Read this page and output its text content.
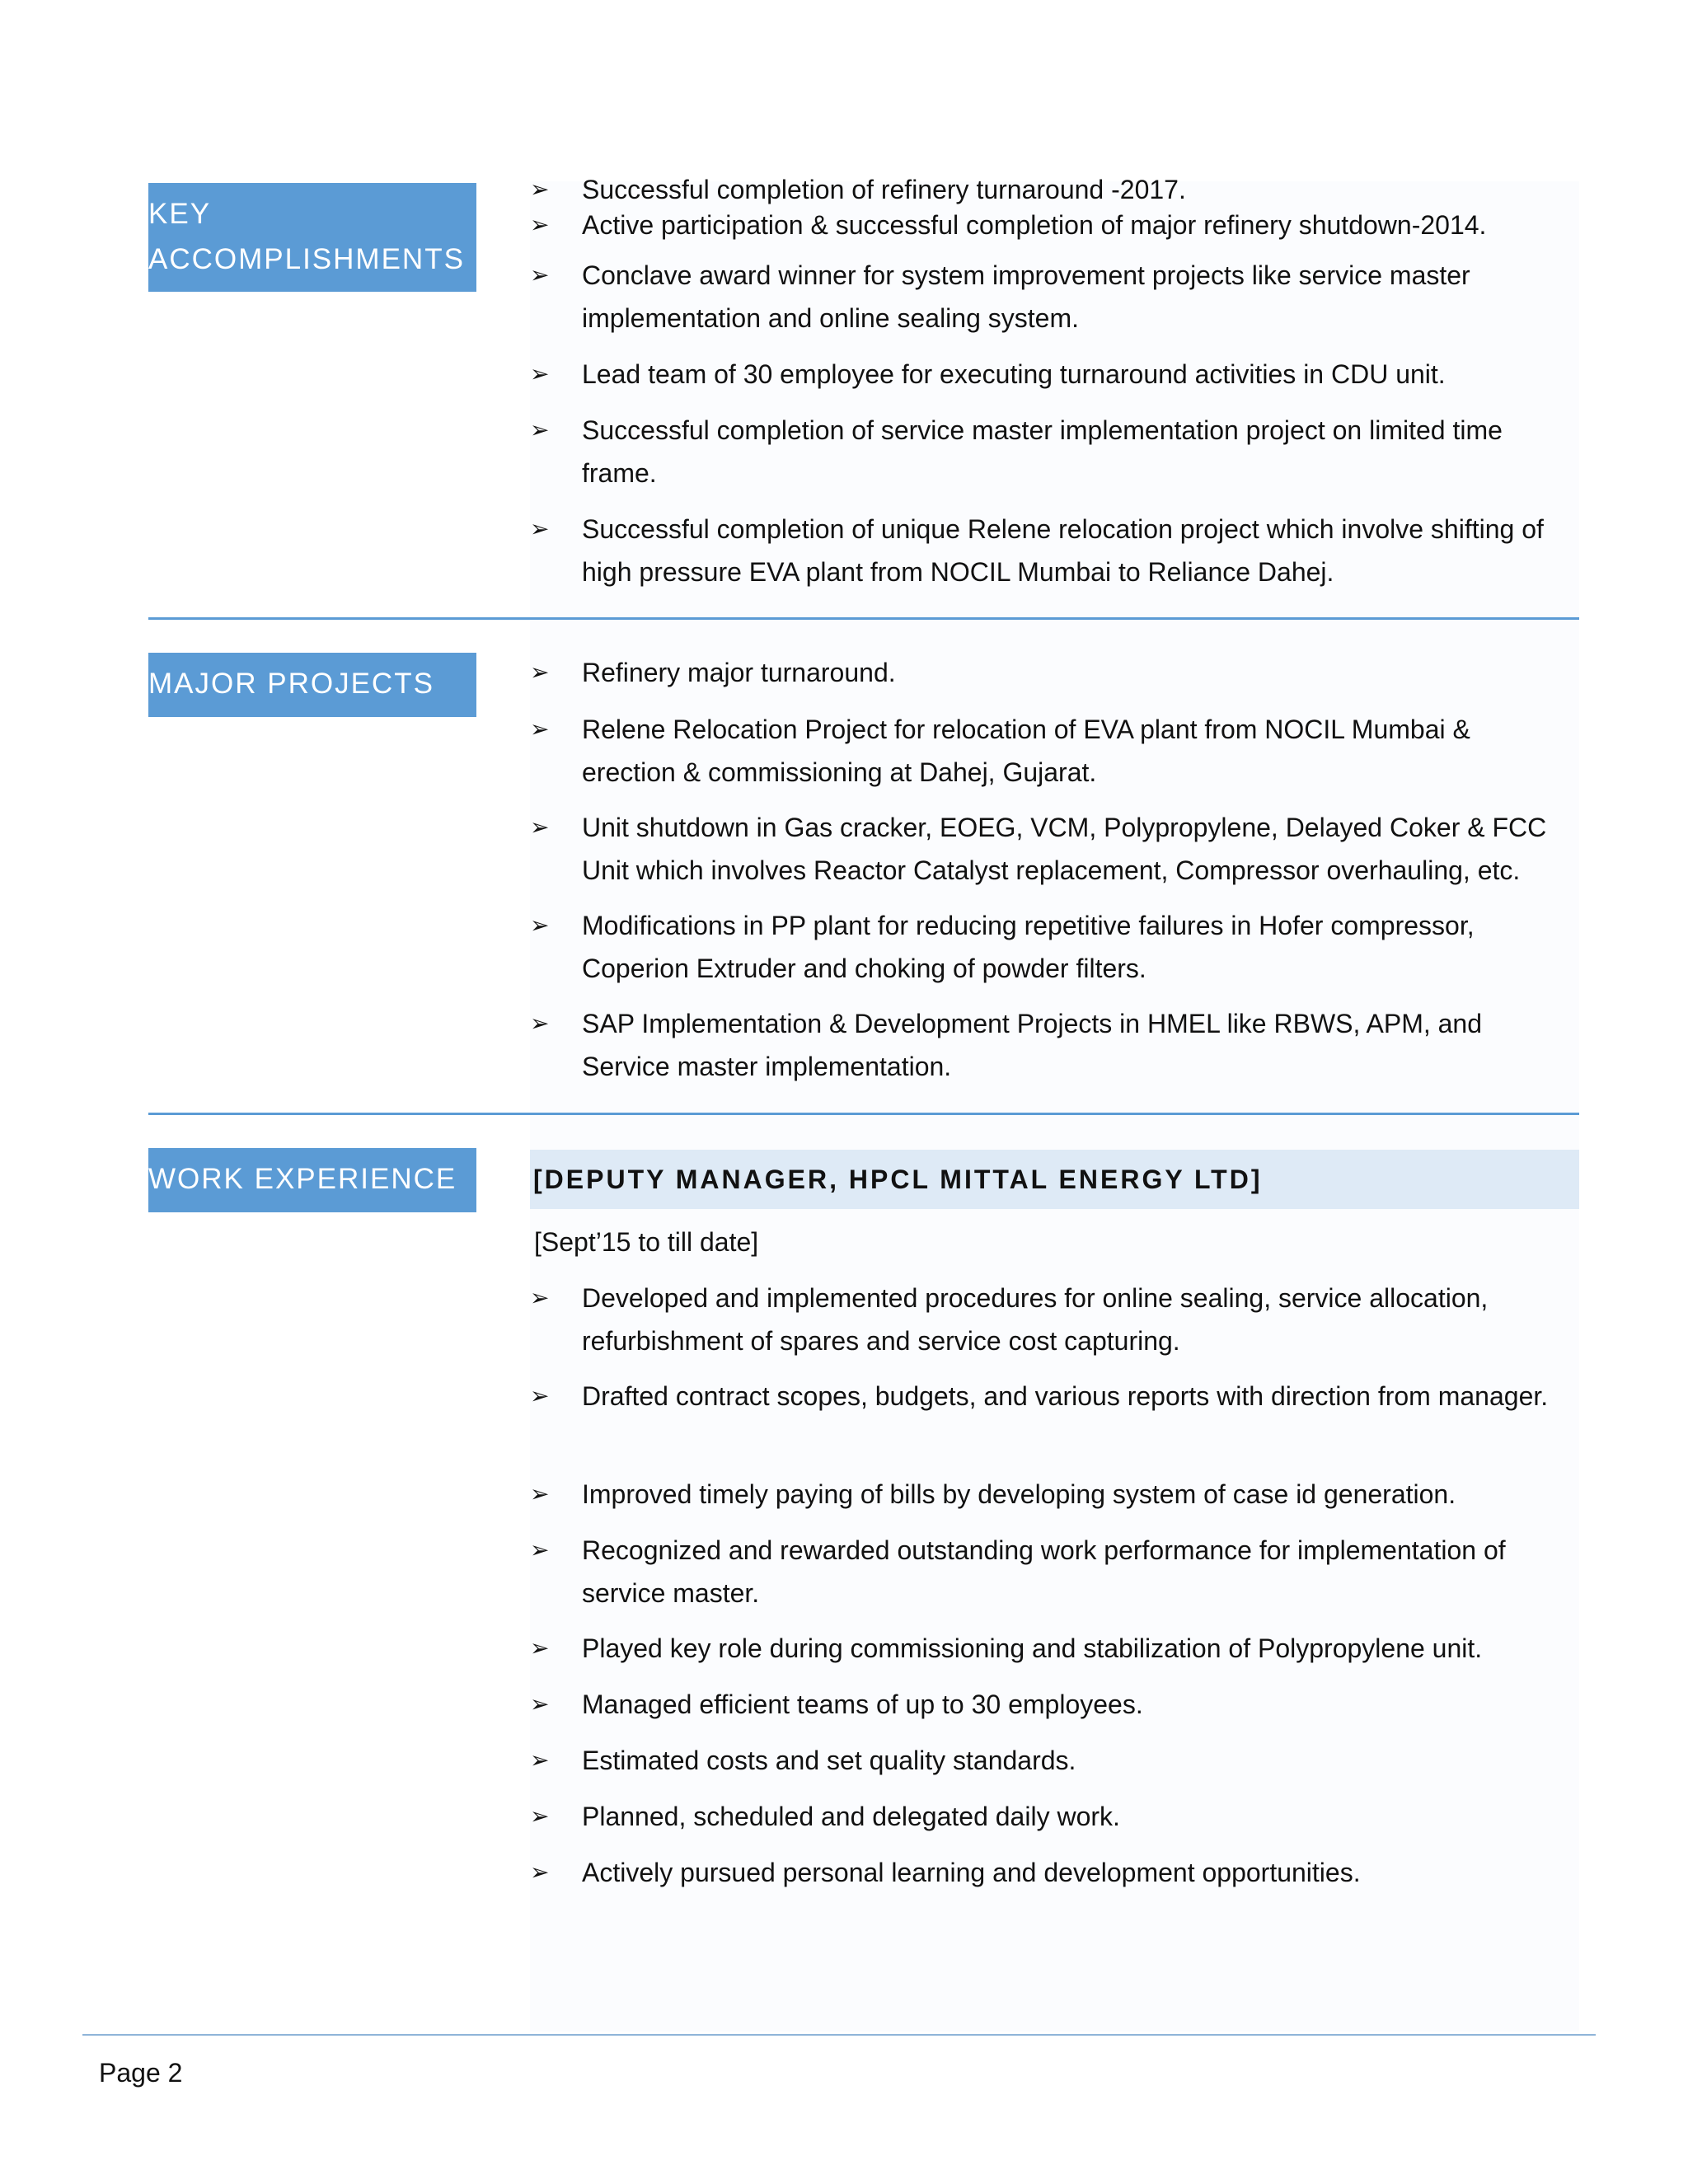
KEY
ACCOMPLISHMENTS
➢	Successful completion of refinery turnaround -2017.
➢	Active participation & successful completion of major refinery shutdown-2014.
➢	Conclave award winner for system improvement projects like service master implementation and online sealing system.
➢	Lead team of 30 employee for executing turnaround activities in CDU unit.
➢	Successful completion of service master implementation project on limited time frame.
➢	Successful completion of unique Relene relocation project which involve shifting of high pressure EVA plant from NOCIL Mumbai to Reliance Dahej.
MAJOR PROJECTS	➢	Refinery major turnaround.
➢	Relene Relocation Project for relocation of EVA plant from NOCIL Mumbai & erection & commissioning at Dahej, Gujarat.
➢	Unit shutdown in Gas cracker, EOEG, VCM, Polypropylene, Delayed Coker & FCC Unit which involves Reactor Catalyst replacement, Compressor overhauling, etc.
➢	Modifications in PP plant for reducing repetitive failures in Hofer compressor, Coperion Extruder and choking of powder filters.
➢	SAP Implementation & Development Projects in HMEL like RBWS, APM, and Service master implementation.
WORK EXPERIENCE	[DEPUTY MANAGER, HPCL MITTAL ENERGY LTD]
[Sept’15 to till date]
➢	Developed and implemented procedures for online sealing, service allocation, refurbishment of spares and service cost capturing.
➢	Drafted contract scopes, budgets, and various reports with direction from manager.
➢	Improved timely paying of bills by developing system of case id generation.
➢	Recognized and rewarded outstanding work performance for implementation of service master.
➢	Played key role during commissioning and stabilization of Polypropylene unit.
➢	Managed efficient teams of up to 30 employees.
➢	Estimated costs and set quality standards.
➢	Planned, scheduled and delegated daily work.
➢	Actively pursued personal learning and development opportunities.
Page 2
